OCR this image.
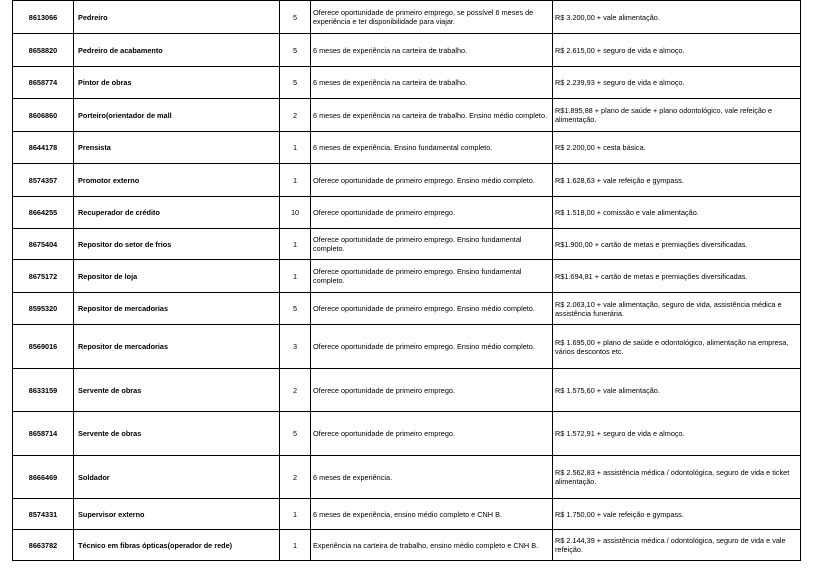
8613066	Pedreiro	5	Oferece oportunidade de primeiro emprego, se possível 6 meses de experiência e ter disponibilidade para viajar.	R$ 3.200,00 + vale alimentação.
8658820	Pedreiro de acabamento	5	6 meses de experiência na carteira de trabalho.	R$ 2.615,00 + seguro de vida e almoço.
8658774	Pintor de obras	5	6 meses de experiência na carteira de trabalho.	R$ 2.239,93 + seguro de vida e almoço.
8606860	Porteiro(orientador de mall	2	6 meses de experiência na carteira de trabalho. Ensino médio completo.	R$1.895,88 + plano de saúde + plano odontológico, vale refeição e alimentação.
8644178	Prensista	1	6 meses de experiência. Ensino fundamental completo.	R$ 2.200,00 + cesta básica.
8574357	Promotor externo	1	Oferece oportunidade de primeiro emprego. Ensino médio completo.	R$ 1.628,63 + vale refeição e gympass.
8664255	Recuperador de crédito	10	Oferece oportunidade de primeiro emprego.	R$ 1.518,00 + comissão e vale alimentação.
8675404	Repositor do setor de frios	1	Oferece oportunidade de primeiro emprego. Ensino fundamental completo.	R$1.900,00 + cartão de metas e premiações diversificadas.
8675172	Repositor de loja	1	Oferece oportunidade de primeiro emprego. Ensino fundamental completo.	R$1.694,81 + cartão de metas e premiações diversificadas.
8595320	Repositor de mercadorias	5	Oferece oportunidade de primeiro emprego. Ensino médio completo.	R$ 2.063,10 + vale alimentação, seguro de vida, assistência médica e assistência funerária.
8569016	Repositor de mercadorias	3	Oferece oportunidade de primeiro emprego. Ensino médio completo.	R$ 1.695,00 + plano de saúde e odontológico, alimentação na empresa, vários descontos etc.
8633159	Servente de obras	2	Oferece oportunidade de primeiro emprego.	R$ 1.575,60 + vale alimentação.
8658714	Servente de obras	5	Oferece oportunidade de primeiro emprego.	R$ 1.572,91 + seguro de vida e almoço.
8666469	Soldador	2	6 meses de experiência.	R$ 2.562,83 + assistência médica / odontológica, seguro de vida e ticket alimentação.
8574331	Supervisor externo	1	6 meses de experiência, ensino médio completo e CNH B.	R$ 1.750,00 + vale refeição e gympass.
8663782	Técnico em fibras ópticas(operador de rede)	1	Experiência na carteira de trabalho, ensino médio completo e CNH B.	R$ 2.144,39 + assistência médica / odontológica, seguro de vida e vale refeição.
